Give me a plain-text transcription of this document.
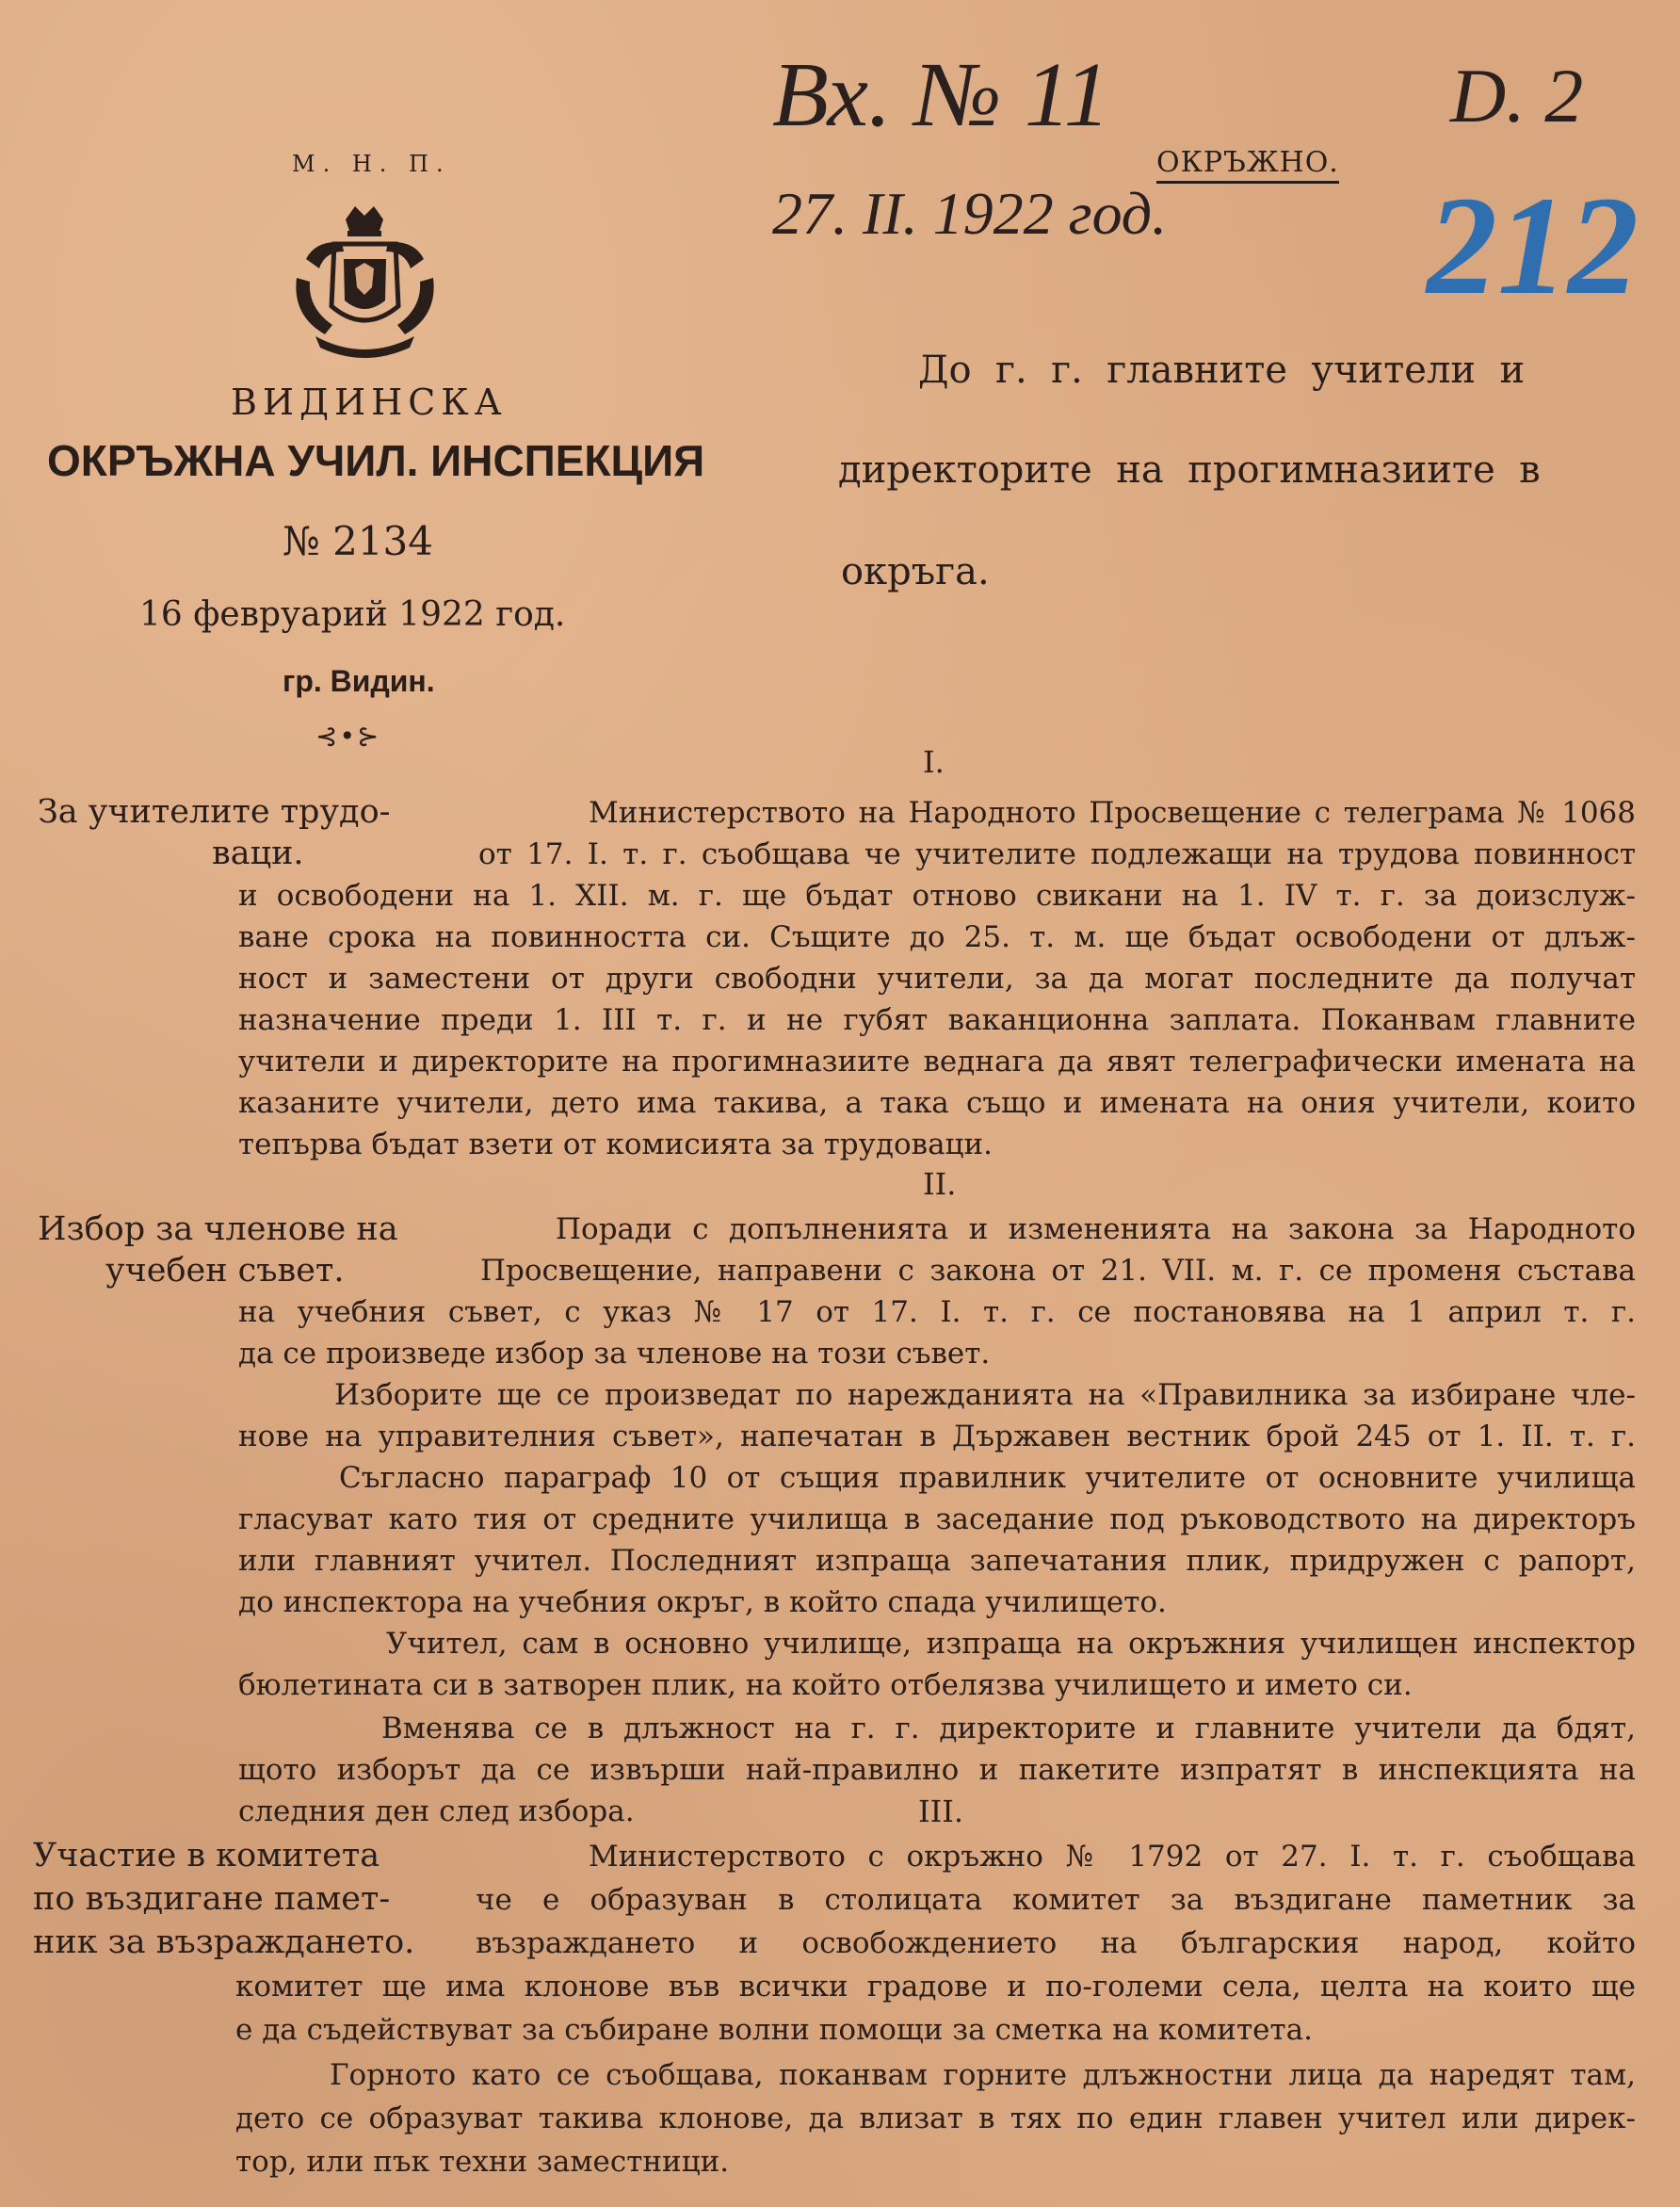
М. Н. П.
ВИДИНСКА
ОКРЪЖНА УЧИЛ. ИНСПЕКЦИЯ
№ 2134
16 февруарий 1922 год.
гр. Видин.
⊰•⊱
Вх. № 11
27. II. 1922 год.
D. 2
212
ОКРЪЖНО.
До  г.  г.  главните  учители  и
директорите  на  прогимназиите  в
окръга.
I.
За учителите трудо-
ваци.
Министерството на Народното Просвещение с телеграма № 1068
от 17. I. т. г. съобщава че учителите подлежащи на трудова повинност
и освободени на 1. XII. м. г. ще бъдат отново свикани на 1. IV т. г. за доизслуж-
ване срока на повинността си. Същите до 25. т. м. ще бъдат освободени от длъж-
ност и заместени от други свободни учители, за да могат последните да получат
назначение преди 1. III т. г. и не губят ваканционна заплата. Поканвам главните
учители и директорите на прогимназиите веднага да явят телеграфически имената на
казаните учители, дето има такива, а така също и имената на ония учители, които
тепърва бъдат взети от комисията за трудоваци.
II.
Избор за членове на
учебен съвет.
Поради с допълненията и измененията на закона за Народното
Просвещение, направени с закона от 21. VII. м. г. се променя състава
на учебния съвет, с указ № 17 от 17. I. т. г. се постановява на 1 април т. г.
да се произведе избор за членове на този съвет.
Изборите ще се произведат по нарежданията на «Правилника за избиране чле-
нове на управителния съвет», напечатан в Държавен вестник брой 245 от 1. II. т. г.
Съгласно параграф 10 от същия правилник учителите от основните училища
гласуват като тия от средните училища в заседание под ръководството на директоръ
или главният учител. Последният изпраща запечатания плик, придружен с рапорт,
до инспектора на учебния окръг, в който спада училището.
Учител, сам в основно училище, изпраща на окръжния училищен инспектор
бюлетината си в затворен плик, на който отбелязва училището и името си.
Вменява се в длъжност на г. г. директорите и главните учители да бдят,
щото изборът да се извърши най-правилно и пакетите изпратят в инспекцията на
следния ден след избора.	III.
Участие в комитета
по въздигане памет-
ник за възраждането.
Министерството с окръжно № 1792 от 27. I. т. г. съобщава
че е образуван в столицата комитет за въздигане паметник за
възраждането и освобождението на българския народ, който
комитет ще има клонове във всички градове и по-големи села, целта на които ще
е да съдействуват за събиране волни помощи за сметка на комитета.
Горното като се съобщава, поканвам горните длъжностни лица да наредят там,
дето се образуват такива клонове, да влизат в тях по един главен учител или дирек-
тор, или пък техни заместници.
